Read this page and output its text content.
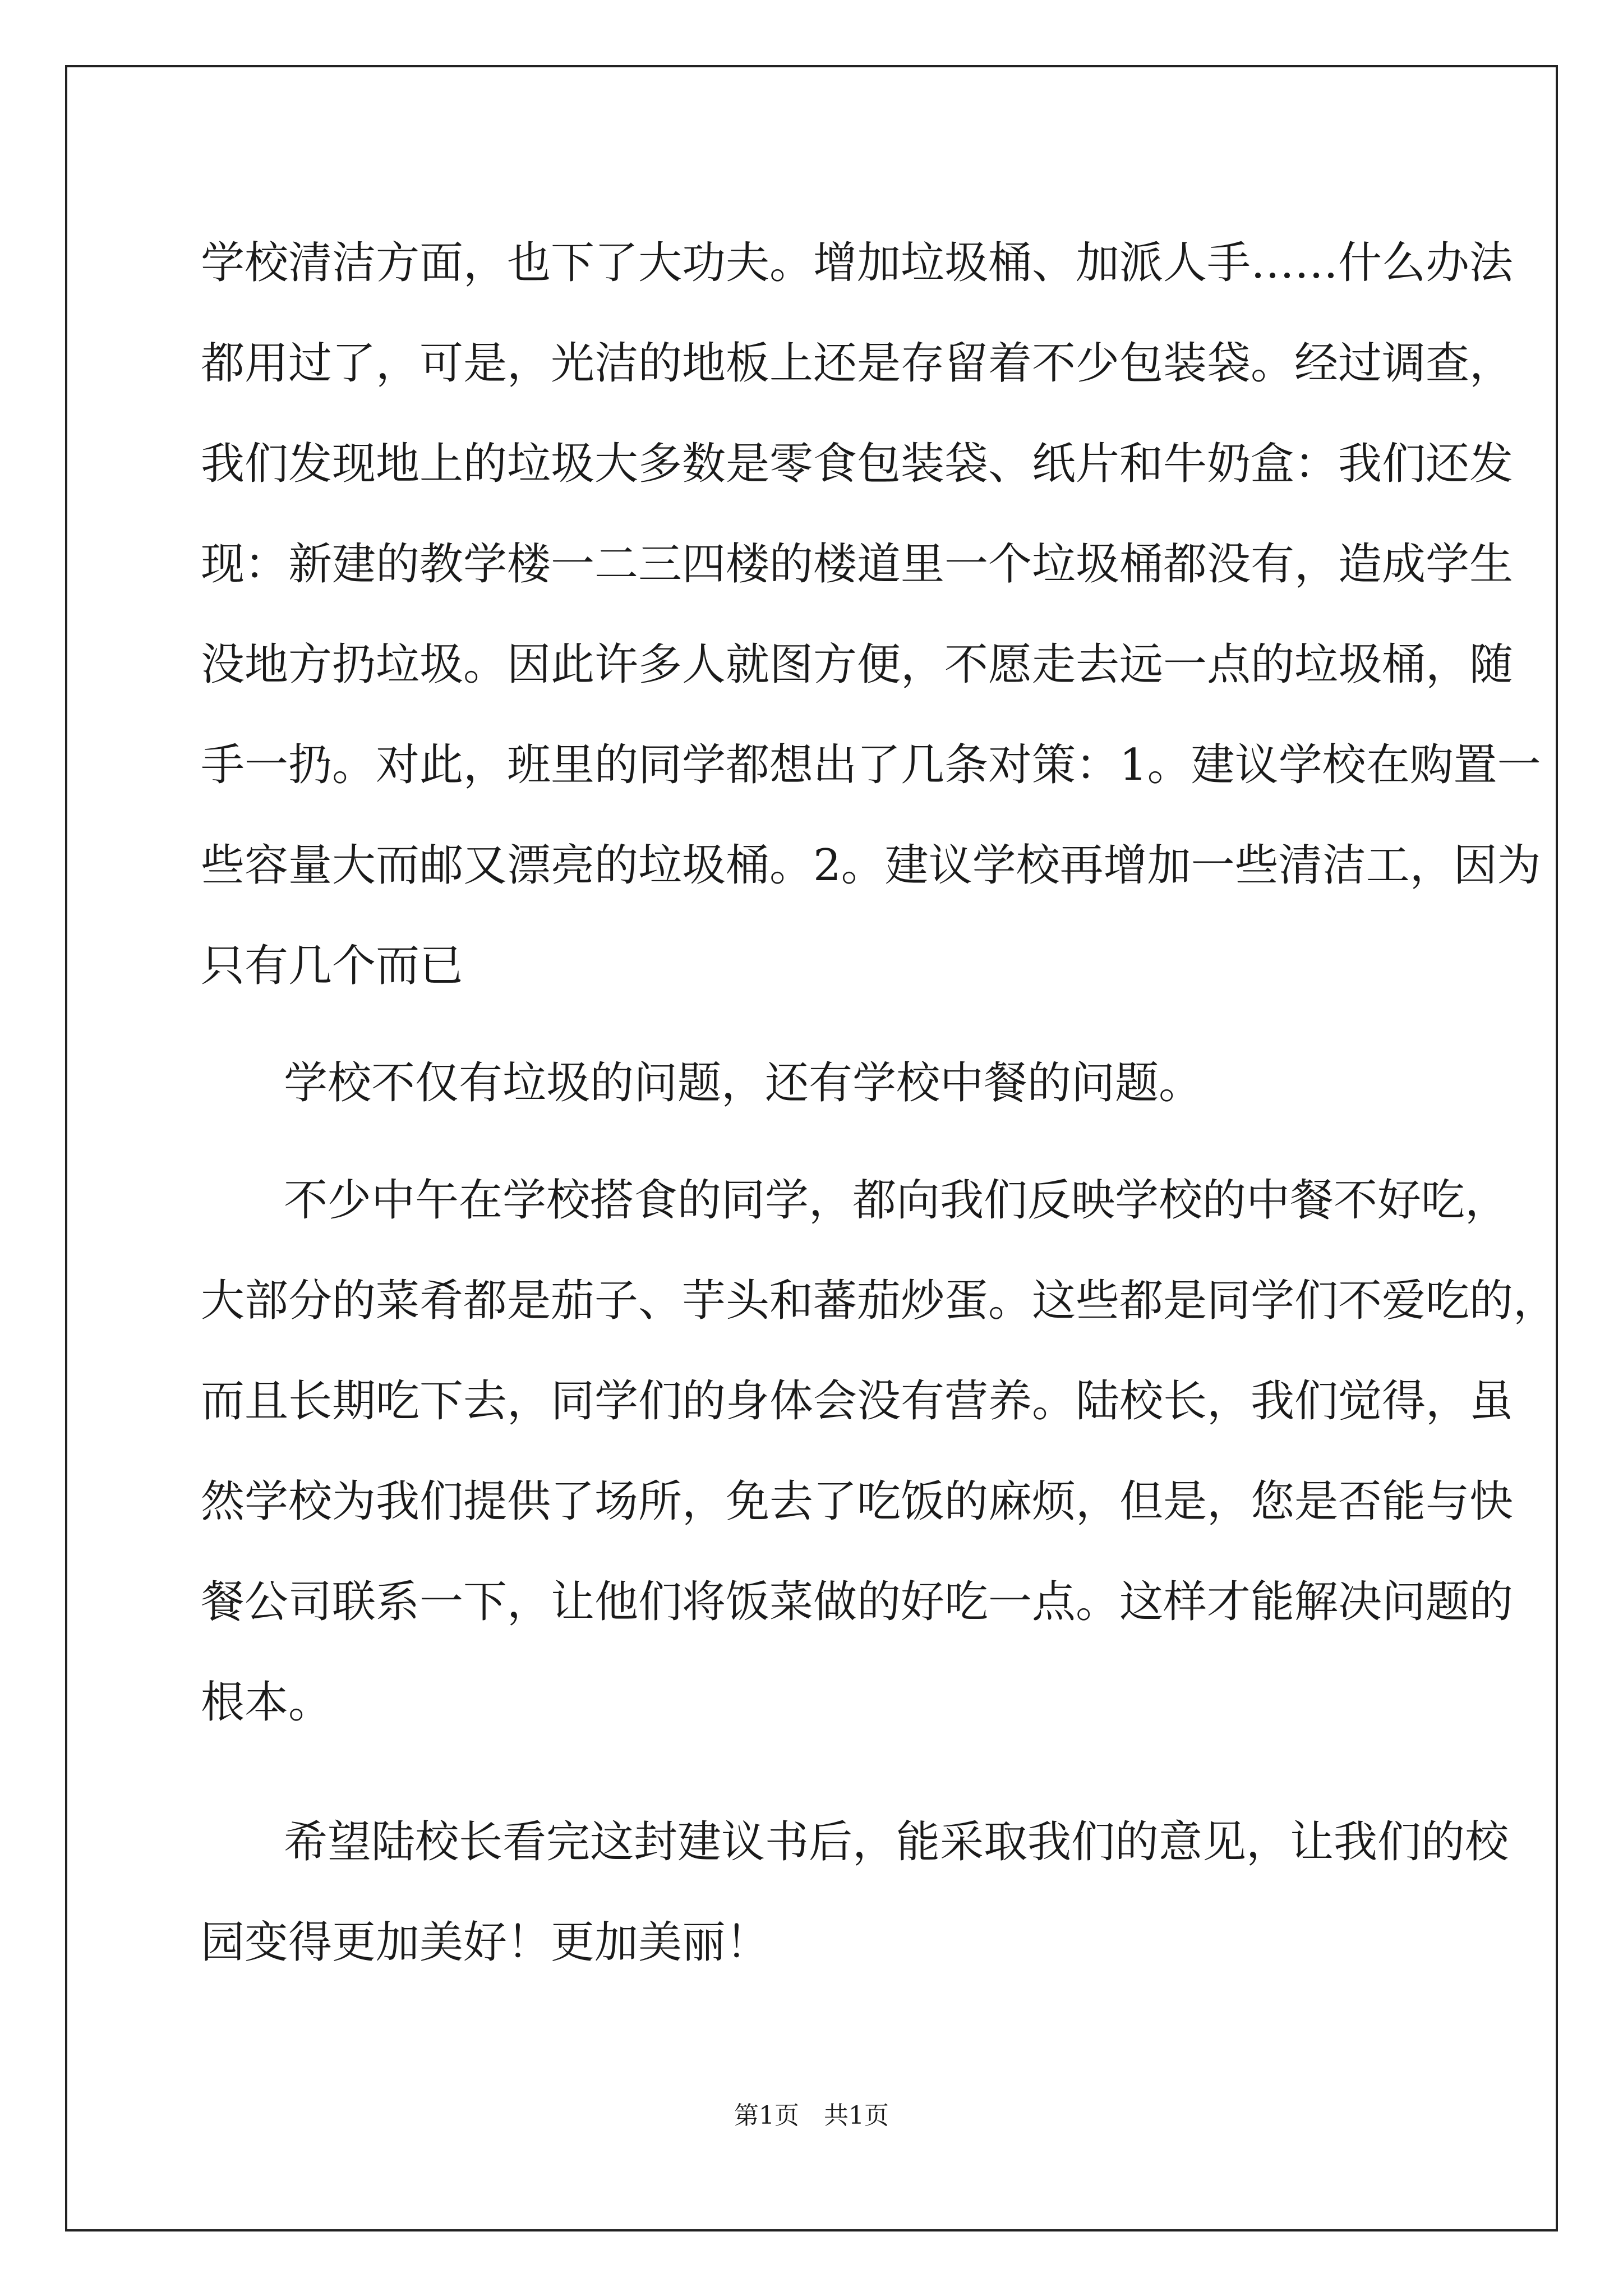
学校清洁方面，也下了大功夫。增加垃圾桶、加派人手……什么办法
都用过了，可是，光洁的地板上还是存留着不少包装袋。经过调查，
我们发现地上的垃圾大多数是零食包装袋、纸片和牛奶盒：我们还发
现：新建的教学楼一二三四楼的楼道里一个垃圾桶都没有，造成学生
没地方扔垃圾。因此许多人就图方便，不愿走去远一点的垃圾桶，随
手一扔。对此，班里的同学都想出了几条对策：1。建议学校在购置一
些容量大而邮又漂亮的垃圾桶。2。建议学校再增加一些清洁工，因为
只有几个而已
学校不仅有垃圾的问题，还有学校中餐的问题。
不少中午在学校搭食的同学，都向我们反映学校的中餐不好吃，
大部分的菜肴都是茄子、芋头和蕃茄炒蛋。这些都是同学们不爱吃的，
而且长期吃下去，同学们的身体会没有营养。陆校长，我们觉得，虽
然学校为我们提供了场所，免去了吃饭的麻烦，但是，您是否能与快
餐公司联系一下，让他们将饭菜做的好吃一点。这样才能解决问题的
根本。
希望陆校长看完这封建议书后，能采取我们的意见，让我们的校
园变得更加美好！更加美丽！
第1页　共1页
